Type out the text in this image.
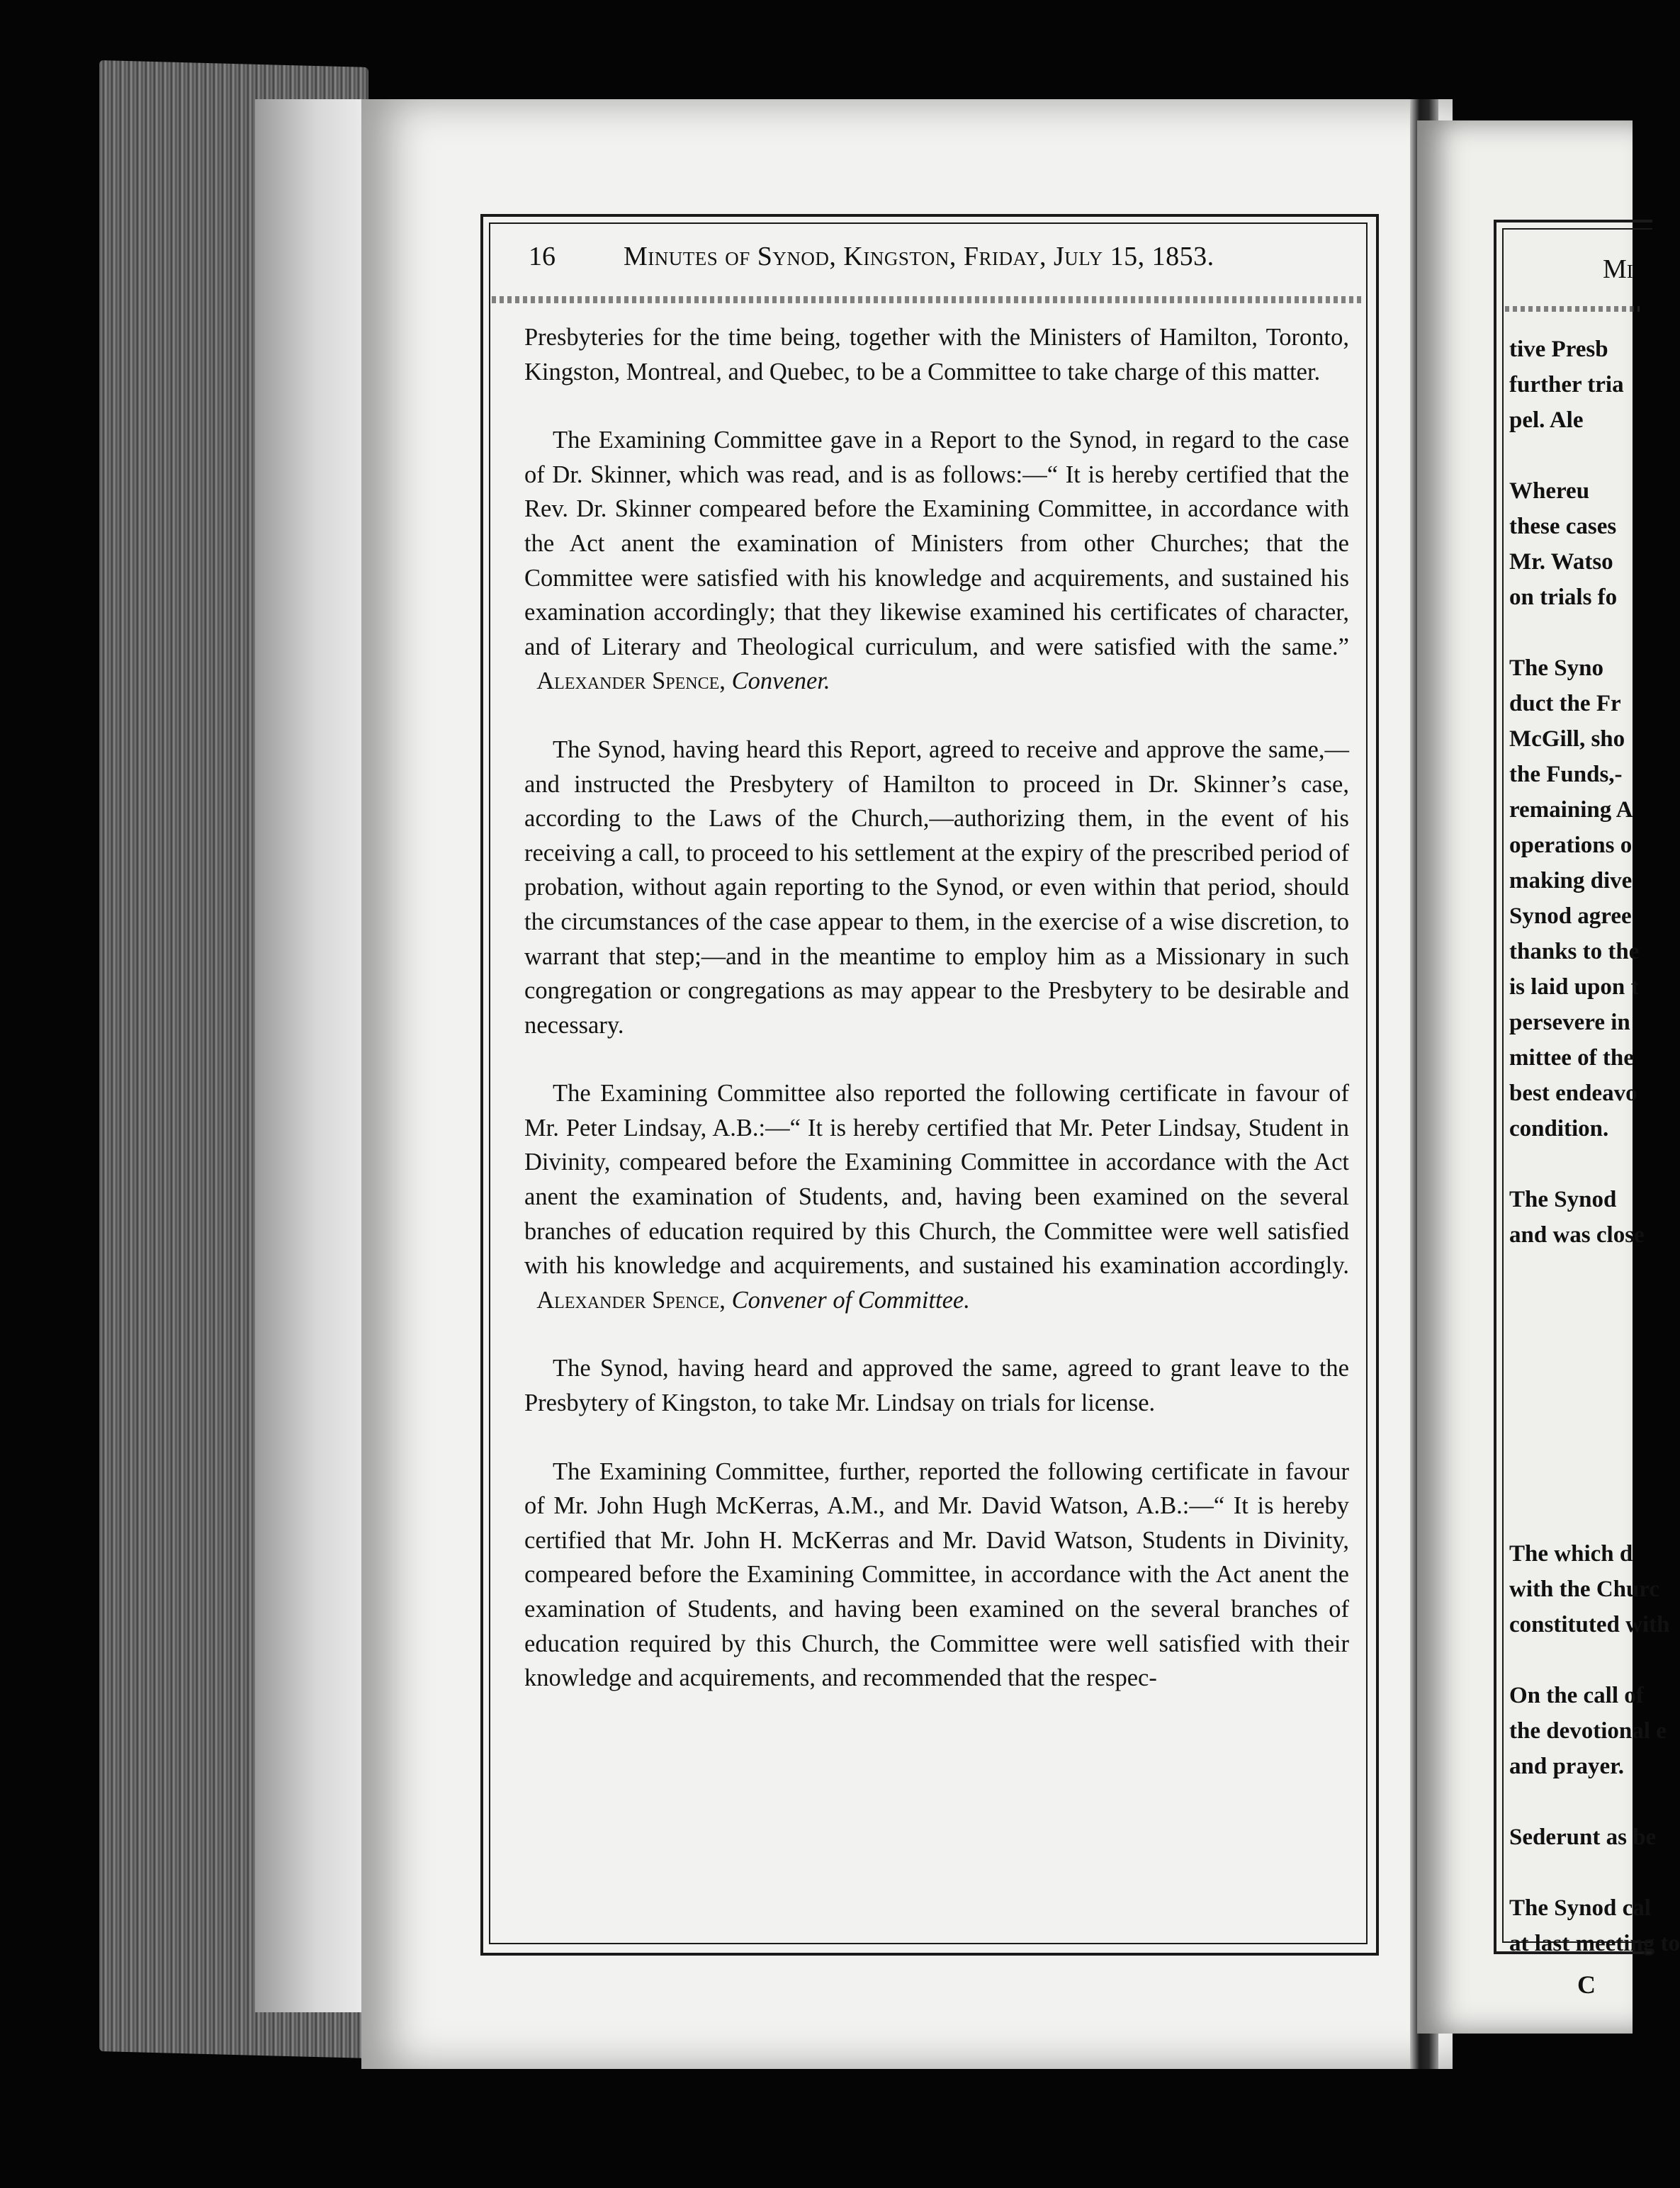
16	Minutes of Synod, Kingston, Friday, July 15, 1853.

Presbyteries for the time being, together with the Ministers of Hamilton, Toronto, Kingston, Montreal, and Quebec, to be a Committee to take charge of this matter.

The Examining Committee gave in a Report to the Synod, in regard to the case of Dr. Skinner, which was read, and is as follows:—“ It is hereby certified that the Rev. Dr. Skinner compeared before the Examining Committee, in accordance with the Act anent the examination of Ministers from other Churches; that the Committee were satisfied with his knowledge and acquirements, and sustained his examination accordingly; that they likewise examined his certificates of character, and of Literary and Theological curriculum, and were satisfied with the same.”   Alexander Spence, Convener.

The Synod, having heard this Report, agreed to receive and approve the same,—and instructed the Presbytery of Hamilton to proceed in Dr. Skinner’s case, according to the Laws of the Church,—authorizing them, in the event of his receiving a call, to proceed to his settlement at the expiry of the prescribed period of probation, without again reporting to the Synod, or even within that period, should the circumstances of the case appear to them, in the exercise of a wise discretion, to warrant that step;—and in the meantime to employ him as a Missionary in such congregation or congregations as may appear to the Presbytery to be desirable and necessary.

The Examining Committee also reported the following certificate in favour of Mr. Peter Lindsay, A.B.:—“ It is hereby certified that Mr. Peter Lindsay, Student in Divinity, compeared before the Examining Committee in accordance with the Act anent the examination of Students, and, having been examined on the several branches of education required by this Church, the Committee were well satisfied with his knowledge and acquirements, and sustained his examination accordingly.   Alexander Spence, Convener of Committee.

The Synod, having heard and approved the same, agreed to grant leave to the Presbytery of Kingston, to take Mr. Lindsay on trials for license.

The Examining Committee, further, reported the following certificate in favour of Mr. John Hugh McKerras, A.M., and Mr. David Watson, A.B.:—“ It is hereby certified that Mr. John H. McKerras and Mr. David Watson, Students in Divinity, compeared before the Examining Committee, in accordance with the Act anent the examination of Students, and having been examined on the several branches of education required by this Church, the Committee were well satisfied with their knowledge and acquirements, and recommended that the respec-

Mi
tive Presb
further tria
pel. Ale
Whereu
these cases
Mr. Watso
on trials fo
The Syno
duct the Fr
McGill, sho
the Funds,-
remaining A
operations o
making dive
Synod agree
thanks to the
is laid upon t
persevere in
mittee of the
best endeavo
condition.
The Synod
and was close
The which d
with the Churc
constituted with
On the call of
the devotional e
and prayer.
Sederunt as be
The Synod cal
at last meeting to
C
